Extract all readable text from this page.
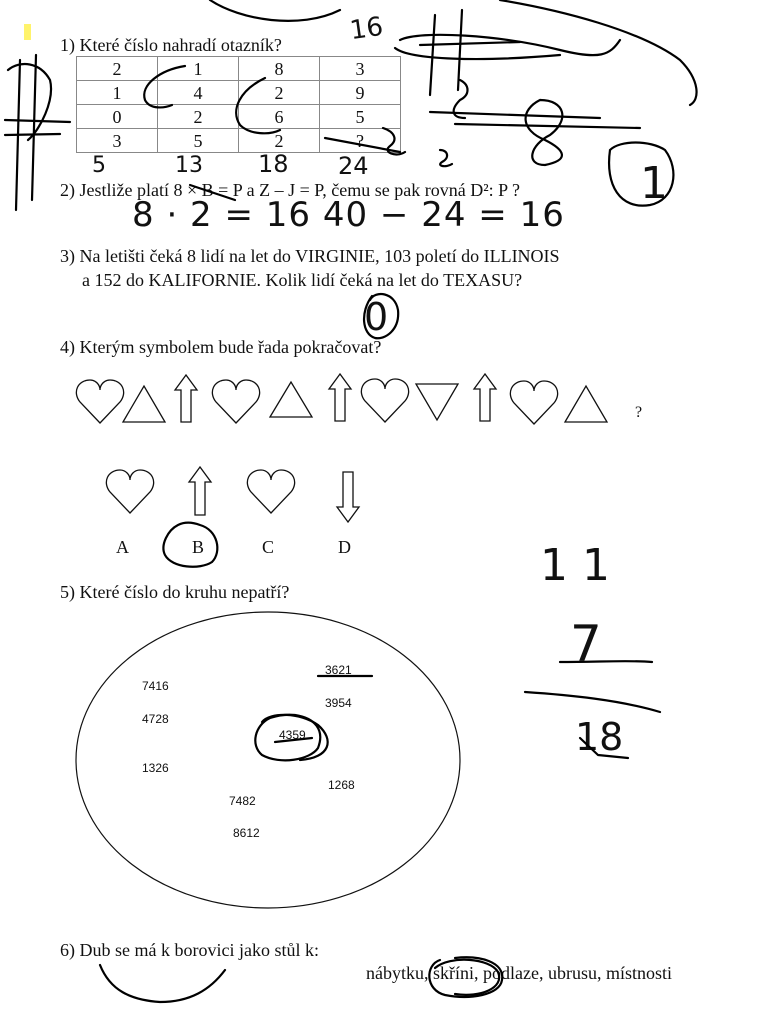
1) Které číslo nahradí otazník?
2	1	8	3
1	4	2	9
0	2	6	5
3	5	2	?
2) Jestliže platí 8 × B = P a Z – J = P, čemu se pak rovná D²: P ?
3) Na letišti čeká 8 lidí na let do VIRGINIE, 103 poletí do ILLINOIS
a 152 do KALIFORNIE. Kolik lidí čeká na let do TEXASU?
4) Kterým symbolem bude řada pokračovat?
?
A	B	C	D
5) Které číslo do kruhu nepatří?
7416
4728
1326
7482
8612
3621
3954
4359
1268
6) Dub se má k borovici jako stůl k:
nábytku, skříni, podlaze, ubrusu, místnosti
16
5 13 18 24
8 · 2 = 16 40 − 24 = 16
1
0
11
7
18
